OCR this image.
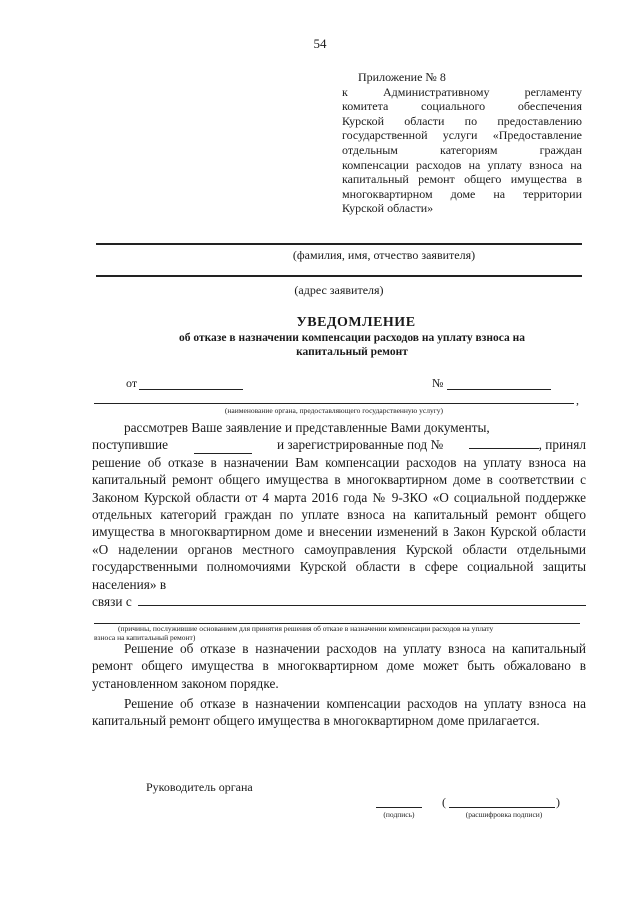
54
Приложение № 8
к Административному регламенту
комитета социального обеспечения
Курской области по предоставлению
государственной услуги «Предоставление
отдельным категориям граждан
компенсации расходов на уплату взноса на
капитальный ремонт общего имущества в
многоквартирном доме на территории
Курской области»
(фамилия, имя, отчество заявителя)
(адрес заявителя)
УВЕДОМЛЕНИЕ
об отказе в назначении компенсации расходов на уплату взноса на
капитальный ремонт
от	№
,
(наименование органа, предоставляющего государственную услугу)

рассмотрев Ваше заявление и представленные Вами документы,

поступившие	и зарегистрированные под №	, принял

решение об отказе в назначении Вам компенсации расходов на уплату взноса на капитальный ремонт общего имущества в многоквартирном доме в соответствии с Законом Курской области от 4 марта 2016 года № 9-ЗКО «О социальной поддержке отдельных категорий граждан по уплате взноса на капитальный ремонт общего имущества в многоквартирном доме и внесении изменений в Закон Курской области «О наделении органов местного самоуправления Курской области отдельными государственными полномочиями Курской области в сфере социальной защиты населения» в

связи с
(причины, послужившие основанием для принятия решения об отказе в назначении компенсации расходов на уплату
взноса на капитальный ремонт)

Решение об отказе в назначении расходов на уплату взноса на капитальный ремонт общего имущества в многоквартирном доме может быть обжаловано в установленном законом порядке.

Решение об отказе в назначении компенсации расходов на уплату взноса на капитальный ремонт общего имущества в многоквартирном доме прилагается.

Руководитель органа
(подпись)
(	)
(расшифровка подписи)
